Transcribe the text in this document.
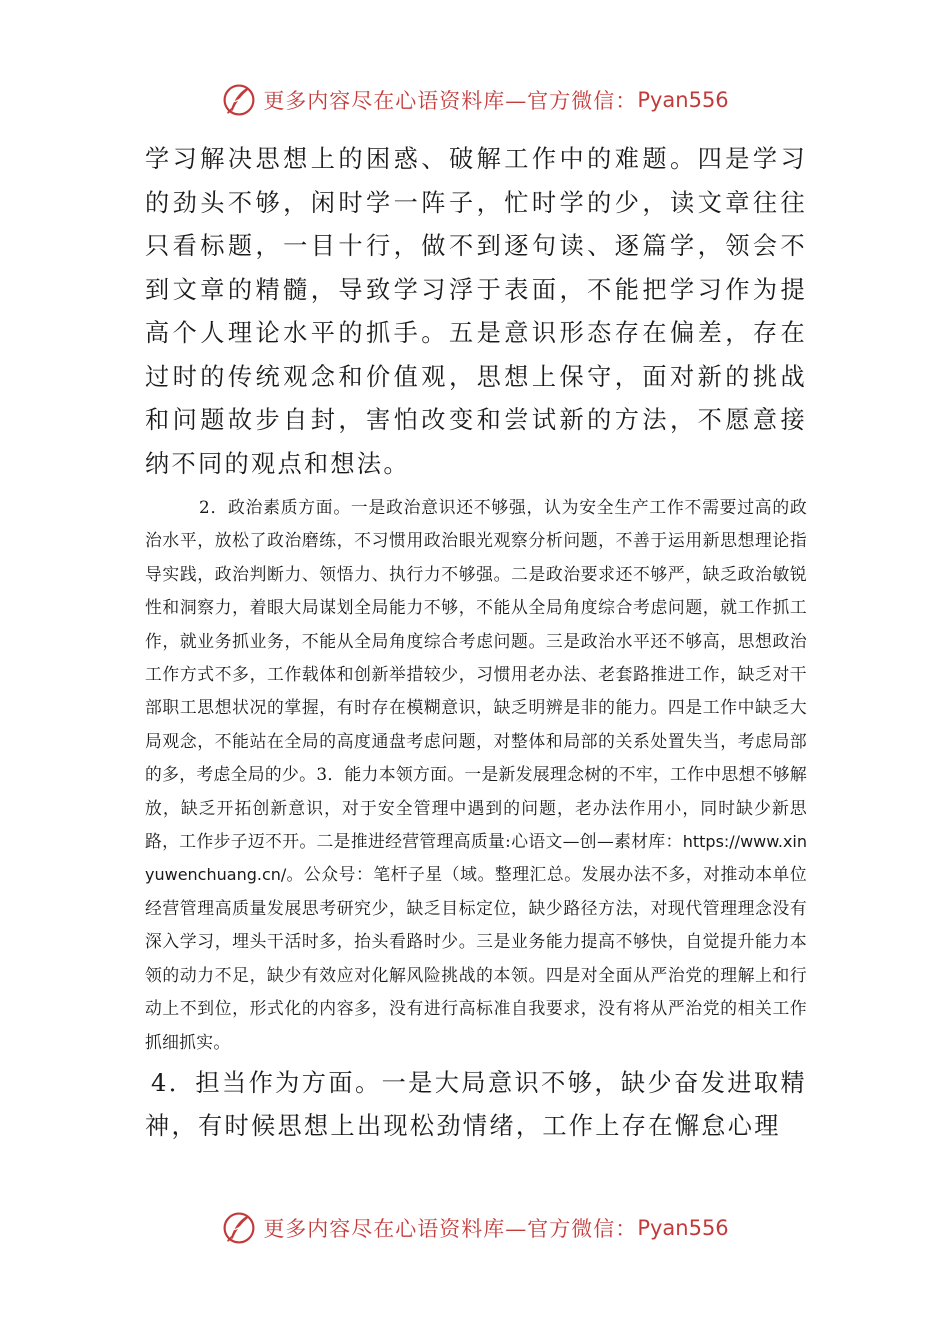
更多内容尽在心语资料库—官方微信： Pyan556

学习解决思想上的困惑、破解工作中的难题。四是学习的劲头不够，闲时学一阵子，忙时学的少，读文章往往只看标题，一目十行，做不到逐句读、逐篇学，领会不到文章的精髓，导致学习浮于表面，不能把学习作为提高个人理论水平的抓手。五是意识形态存在偏差，存在过时的传统观念和价值观，思想上保守，面对新的挑战和问题故步自封，害怕改变和尝试新的方法，不愿意接纳不同的观点和想法。

2．政治素质方面。一是政治意识还不够强，认为安全生产工作不需要过高的政治水平，放松了政治磨练，不习惯用政治眼光观察分析问题，不善于运用新思想理论指导实践，政治判断力、领悟力、执行力不够强。二是政治要求还不够严，缺乏政治敏锐性和洞察力，着眼大局谋划全局能力不够，不能从全局角度综合考虑问题，就工作抓工作，就业务抓业务，不能从全局角度综合考虑问题。三是政治水平还不够高，思想政治工作方式不多，工作载体和创新举措较少，习惯用老办法、老套路推进工作，缺乏对干部职工思想状况的掌握，有时存在模糊意识，缺乏明辨是非的能力。四是工作中缺乏大局观念，不能站在全局的高度通盘考虑问题，对整体和局部的关系处置失当，考虑局部的多，考虑全局的少。3．能力本领方面。一是新发展理念树的不牢，工作中思想不够解放，缺乏开拓创新意识，对于安全管理中遇到的问题，老办法作用小，同时缺少新思路，工作步子迈不开。二是推进经营管理高质量:心语文—创—素材库：https://www.xinyuwenchuang.cn/。公众号：笔杆子星（域。整理汇总。发展办法不多，对推动本单位经营管理高质量发展思考研究少，缺乏目标定位，缺少路径方法，对现代管理理念没有深入学习，埋头干活时多，抬头看路时少。三是业务能力提高不够快，自觉提升能力本领的动力不足，缺少有效应对化解风险挑战的本领。四是对全面从严治党的理解上和行动上不到位，形式化的内容多，没有进行高标准自我要求，没有将从严治党的相关工作抓细抓实。

4．担当作为方面。一是大局意识不够，缺少奋发进取精神，有时候思想上出现松劲情绪，工作上存在懈怠心理

更多内容尽在心语资料库—官方微信： Pyan556
